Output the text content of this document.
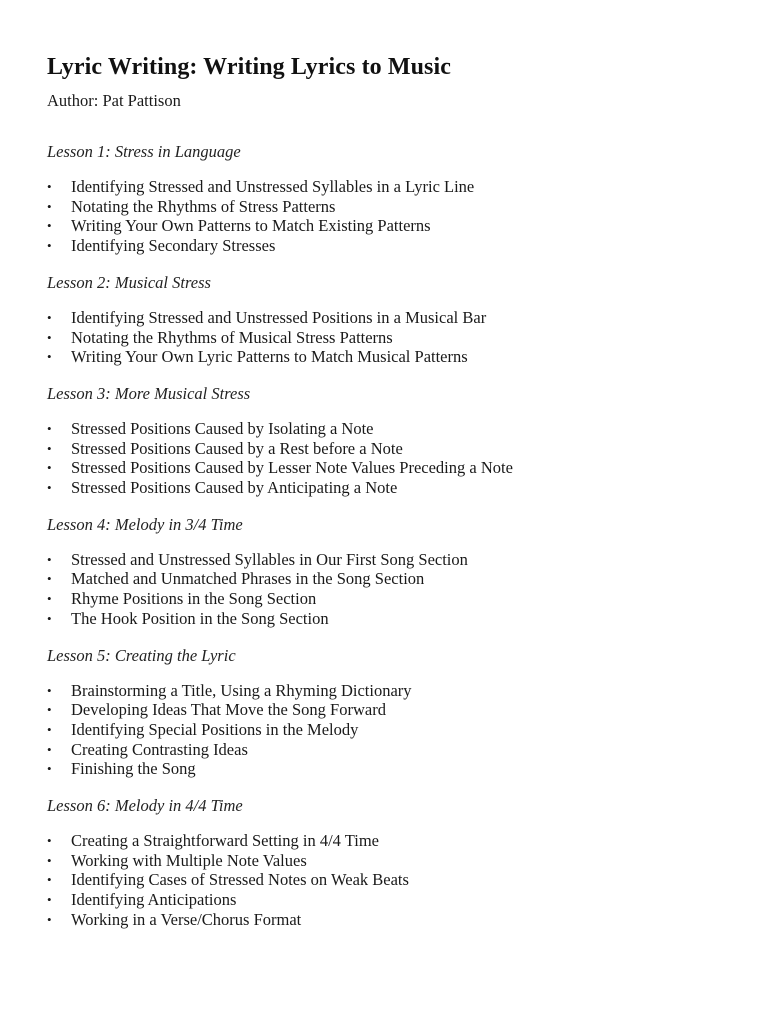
Lyric Writing: Writing Lyrics to Music

Author: Pat Pattison

Lesson 1: Stress in Language

•	Identifying Stressed and Unstressed Syllables in a Lyric Line
•	Notating the Rhythms of Stress Patterns
•	Writing Your Own Patterns to Match Existing Patterns
•	Identifying Secondary Stresses

Lesson 2: Musical Stress

•	Identifying Stressed and Unstressed Positions in a Musical Bar
•	Notating the Rhythms of Musical Stress Patterns
•	Writing Your Own Lyric Patterns to Match Musical Patterns

Lesson 3: More Musical Stress

•	Stressed Positions Caused by Isolating a Note
•	Stressed Positions Caused by a Rest before a Note
•	Stressed Positions Caused by Lesser Note Values Preceding a Note
•	Stressed Positions Caused by Anticipating a Note

Lesson 4: Melody in 3/4 Time

•	Stressed and Unstressed Syllables in Our First Song Section
•	Matched and Unmatched Phrases in the Song Section
•	Rhyme Positions in the Song Section
•	The Hook Position in the Song Section

Lesson 5: Creating the Lyric

•	Brainstorming a Title, Using a Rhyming Dictionary
•	Developing Ideas That Move the Song Forward
•	Identifying Special Positions in the Melody
•	Creating Contrasting Ideas
•	Finishing the Song

Lesson 6: Melody in 4/4 Time

•	Creating a Straightforward Setting in 4/4 Time
•	Working with Multiple Note Values
•	Identifying Cases of Stressed Notes on Weak Beats
•	Identifying Anticipations
•	Working in a Verse/Chorus Format
